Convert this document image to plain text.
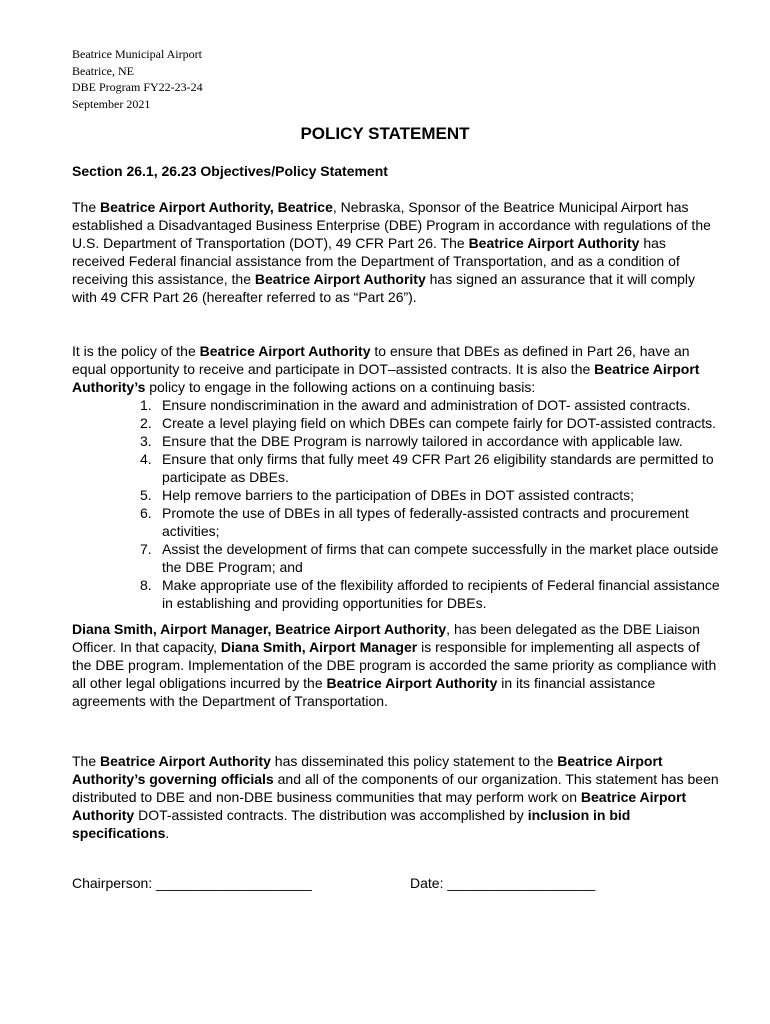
Beatrice Municipal Airport
Beatrice, NE
DBE Program FY22-23-24
September 2021
POLICY STATEMENT
Section 26.1, 26.23 Objectives/Policy Statement

The Beatrice Airport Authority, Beatrice, Nebraska, Sponsor of the Beatrice Municipal Airport has established a Disadvantaged Business Enterprise (DBE) Program in accordance with regulations of the U.S. Department of Transportation (DOT), 49 CFR Part 26. The Beatrice Airport Authority has received Federal financial assistance from the Department of Transportation, and as a condition of receiving this assistance, the Beatrice Airport Authority has signed an assurance that it will comply with 49 CFR Part 26 (hereafter referred to as “Part 26”).

It is the policy of the Beatrice Airport Authority to ensure that DBEs as defined in Part 26, have an equal opportunity to receive and participate in DOT–assisted contracts. It is also the Beatrice Airport Authority’s policy to engage in the following actions on a continuing basis:

1. Ensure nondiscrimination in the award and administration of DOT- assisted contracts.
2. Create a level playing field on which DBEs can compete fairly for DOT-assisted contracts.
3. Ensure that the DBE Program is narrowly tailored in accordance with applicable law.
4. Ensure that only firms that fully meet 49 CFR Part 26 eligibility standards are permitted to participate as DBEs.
5. Help remove barriers to the participation of DBEs in DOT assisted contracts;
6. Promote the use of DBEs in all types of federally-assisted contracts and procurement activities;
7. Assist the development of firms that can compete successfully in the market place outside the DBE Program; and
8. Make appropriate use of the flexibility afforded to recipients of Federal financial assistance in establishing and providing opportunities for DBEs.

Diana Smith, Airport Manager, Beatrice Airport Authority, has been delegated as the DBE Liaison Officer. In that capacity, Diana Smith, Airport Manager is responsible for implementing all aspects of the DBE program. Implementation of the DBE program is accorded the same priority as compliance with all other legal obligations incurred by the Beatrice Airport Authority in its financial assistance agreements with the Department of Transportation.

The Beatrice Airport Authority has disseminated this policy statement to the Beatrice Airport Authority’s governing officials and all of the components of our organization. This statement has been distributed to DBE and non-DBE business communities that may perform work on Beatrice Airport Authority DOT-assisted contracts. The distribution was accomplished by inclusion in bid specifications.

Chairperson: ____________________	Date: ___________________
